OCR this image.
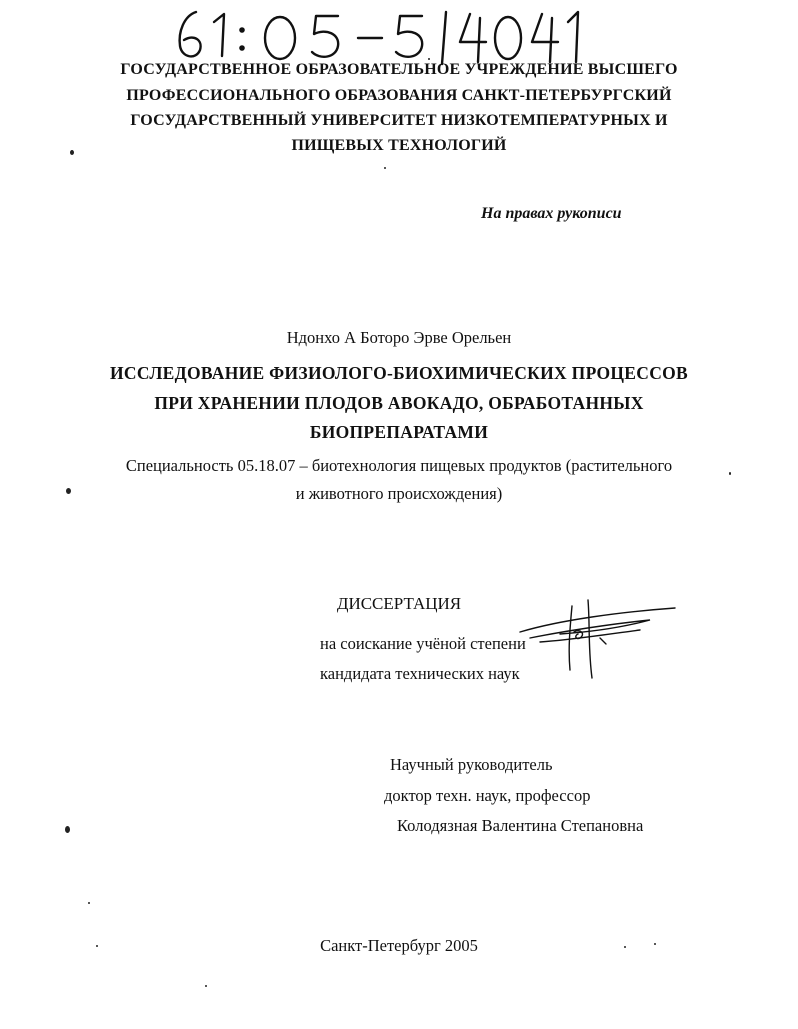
ГОСУДАРСТВЕННОЕ ОБРАЗОВАТЕЛЬНОЕ УЧРЕЖДЕНИЕ ВЫСШЕГО
ПРОФЕССИОНАЛЬНОГО ОБРАЗОВАНИЯ САНКТ-ПЕТЕРБУРГСКИЙ
ГОСУДАРСТВЕННЫЙ УНИВЕРСИТЕТ НИЗКОТЕМПЕРАТУРНЫХ И
ПИЩЕВЫХ ТЕХНОЛОГИЙ
На правах рукописи
Ндонхо А Боторо Эрве Орельен
ИССЛЕДОВАНИЕ ФИЗИОЛОГО-БИОХИМИЧЕСКИХ ПРОЦЕССОВ
ПРИ ХРАНЕНИИ ПЛОДОВ АВОКАДО, ОБРАБОТАННЫХ
БИОПРЕПАРАТАМИ
Специальность 05.18.07 – биотехнология пищевых продуктов (растительного
и животного происхождения)
ДИССЕРТАЦИЯ
на соискание учёной степени
кандидата технических наук
Научный руководитель
доктор техн. наук, профессор
Колодязная Валентина Степановна
Санкт-Петербург 2005
